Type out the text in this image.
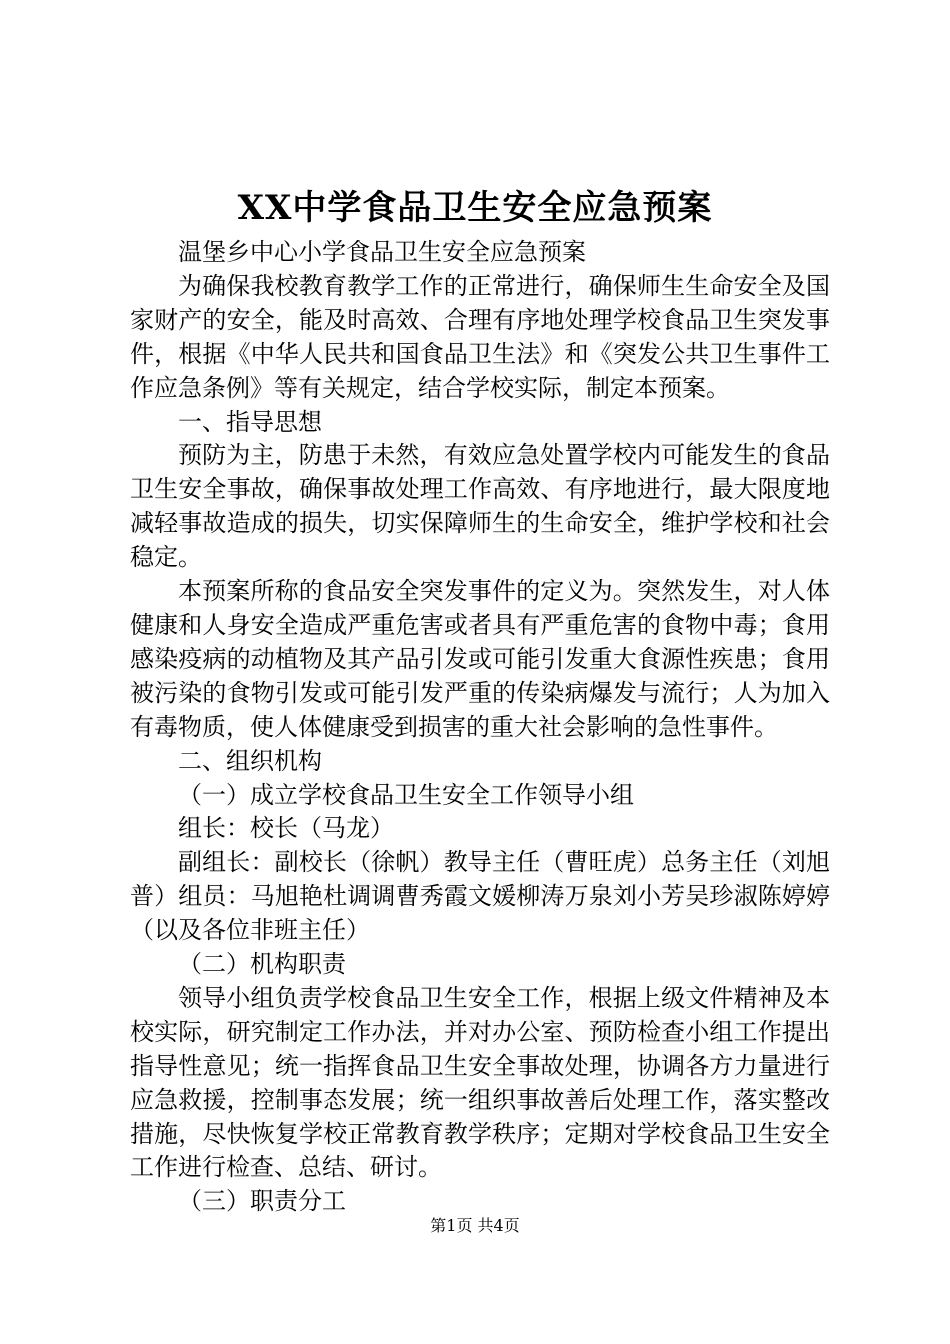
XX中学食品卫生安全应急预案

温堡乡中心小学食品卫生安全应急预案

为确保我校教育教学工作的正常进行，确保师生生命安全及国家财产的安全，能及时高效、合理有序地处理学校食品卫生突发事件，根据《中华人民共和国食品卫生法》和《突发公共卫生事件工作应急条例》等有关规定，结合学校实际，制定本预案。

一、指导思想

预防为主，防患于未然，有效应急处置学校内可能发生的食品卫生安全事故，确保事故处理工作高效、有序地进行，最大限度地减轻事故造成的损失，切实保障师生的生命安全，维护学校和社会稳定。

本预案所称的食品安全突发事件的定义为。突然发生，对人体健康和人身安全造成严重危害或者具有严重危害的食物中毒；食用感染疫病的动植物及其产品引发或可能引发重大食源性疾患；食用被污染的食物引发或可能引发严重的传染病爆发与流行；人为加入有毒物质，使人体健康受到损害的重大社会影响的急性事件。

二、组织机构

（一）成立学校食品卫生安全工作领导小组

组长：校长（马龙）

副组长：副校长（徐帆）教导主任（曹旺虎）总务主任（刘旭普）组员：马旭艳杜调调曹秀霞文媛柳涛万泉刘小芳吴珍淑陈婷婷（以及各位非班主任）

（二）机构职责

领导小组负责学校食品卫生安全工作，根据上级文件精神及本校实际，研究制定工作办法，并对办公室、预防检查小组工作提出指导性意见；统一指挥食品卫生安全事故处理，协调各方力量进行应急救援，控制事态发展；统一组织事故善后处理工作，落实整改措施，尽快恢复学校正常教育教学秩序；定期对学校食品卫生安全工作进行检查、总结、研讨。

（三）职责分工

第1页 共4页
